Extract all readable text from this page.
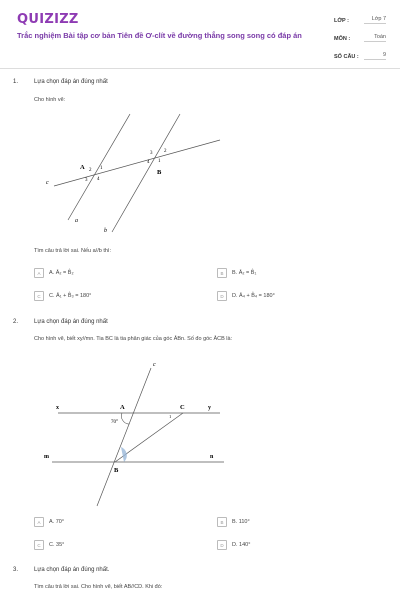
QUIZIZZ
Trắc nghiệm Bài tập cơ bản Tiên đề Ơ-clít về đường thẳng song song có đáp án
LỚP :	Lớp 7
MÔN :	Toán
SỐ CÂU :	9
1.	Lựa chọn đáp án đúng nhất
Cho hình vẽ:
c
a
b
A
B
2 1
3 4
3 2
4 1
Tìm câu trả lời sai. Nếu a//b thì:
A	A. Â₂ = B̂₂	B	B. Â₂ = B̂₁
C	C. Â₁ + B̂₃ = 180°	D	D. Â₄ + B̂₄ = 180°
2.	Lựa chọn đáp án đúng nhất
Cho hình vẽ, biết xy//mn. Tia BC là tia phân giác của góc ÂBn. Số đo góc ÂCB là:
c
x	y
m	n
A
B
C
70°
1
A	A. 70°	B	B. 110°
C	C. 35°	D	D. 140°
3.	Lựa chọn đáp án đúng nhất.
Tìm câu trả lời sai. Cho hình vẽ, biết AB//CD. Khi đó:
